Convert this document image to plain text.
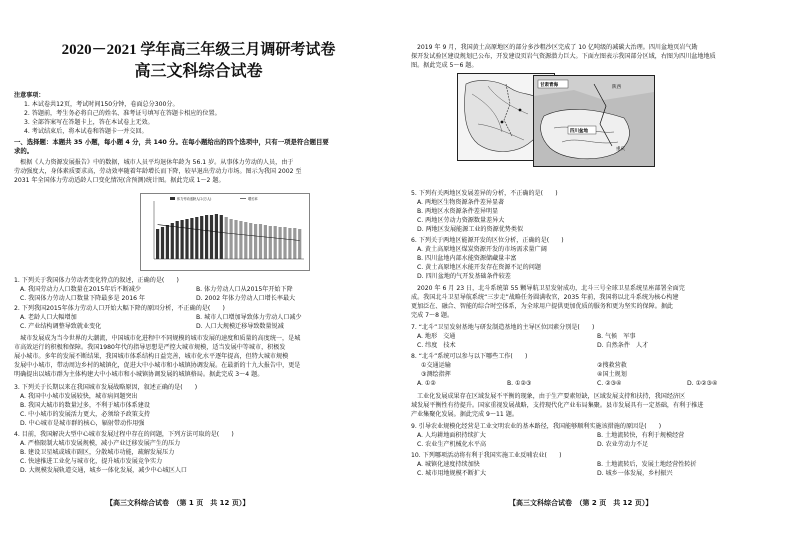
2020－2021 学年高三年级三月调研考试卷
高三文科综合试卷
注意事项：
1. 本试卷共12页，考试时间150分钟，卷面总分300分。
2. 答题前，考生务必将自己的姓名、准考证号填写在答题卡相应的位置。
3. 全部答案写在答题卡上，答在本试卷上无效。
4. 考试结束后，将本试卷和答题卡一并交回。
一、选择题：本题共 35 小题，每小题 4 分，共 140 分。在每小题给出的四个选项中，只有一项是符合题目要
求的。
根据《人力资源发展报告》中的数据，城市人员平均退休年龄为 56.1 岁。从事体力劳动的人员，由于
劳动强度大，身体素质要求高，劳动效率随着年龄增长而下降，较早退出劳动力市场。图示为我国 2002 至
2031 年全国体力劳动适龄人口变化情况(含预测)统计图。据此完成 1～2 题。
体力劳动适龄人口(万人)	增长率
1. 下列关于我国体力劳动者变化特点的叙述，正确的是(　　)
A. 我国劳动力人口数量在2015年后不断减少	B. 体力劳动人口从2015年开始下降
C. 我国体力劳动人口数量下降最多是 2016 年	D. 2002 年体力劳动人口增长率最大
2. 下列我国2015年体力劳动人口开始大幅下降的原因分析，不正确的是(　　)
A. 老龄人口大幅增加	B. 城市人口增加导致体力劳动人口减少
C. 产业结构调整导致就业变化	D. 人口大规模迁移导致数量锐减
城市发展成为当今世界的大潮流，中国城市化进程中不同规模的城市发展的速度和质量的高度统一，是城
市高效运行的积极和保障。我国1980年代的指导思想是严控大城市规模，适当发展中等城市，积极发
展小城市。多年的发展不断结果，我国城市体系结构日益完善，城市化水平逐年提高，但特大城市规模
发展中小城市，带动周边乡村的城镇化，促进大中小城市和小城镇协调发展。在最新的十九大报告中，更是
明确提出以城市群为主体构建大中小城市和小城镇协调发展的城镇格局。据此完成 3～4 题。
3. 下列关于长期以来在我国城市发展战略原因，叙述正确的是(　　)
A. 我国中小城市发展较快，城市病问题突出
B. 我国大城市的数量过多，不利于城市体系建设
C. 中小城市的发展活力更大，必须给予政策支持
D. 中心城市是城市群的核心，辐射带动作用强
4. 目前，我国解决大型中心城市发展过程中存在的问题，下列方法可取的是(　　)
A. 严格限制大城市发展规模，减小产业迁移发展产生的压力
B. 建设卫星城或城市副区，分散城市功能，疏解发展压力
C. 快速推进工业化与城市化，提升城市发展竞争实力
D. 大规模发展轨道交通，城乡一体化发展，减少中心城区人口
【高三文科综合试卷　（第 1 页　共 12 页）】
2019 年 9 月，我国黄土高原地区的部分多沙粗沙区完成了 10 亿吨级的减碳大治理。四川盆地页岩气勘
探开发试验区建设规划已公布，开发建设页岩气资源潜力巨大。下面左图表示我国部分区域，右图为四川盆地地质
图。据此完成 5～6 题。
甘肃青海	陕西
四川盆地
重庆
5. 下列有关两地区发展差异的分析，不正确的是(　　)
A. 两地区生物资源条件差异显著
B. 两地区水资源条件差异明显
C. 两地区劳动力资源数量差异大
D. 两地区发展能源工业的资源优势类似
6. 下列关于两地区能源开发的区位分析，正确的是(　　)
A. 黄土高原地区煤炭资源开发的市场需求量广阔
B. 四川盆地内部水能资源储藏量丰富
C. 黄土高原地区水能开发存在资源不足的问题
D. 四川盆地的气开发基础条件较差
2020 年 6 月 23 日，北斗系统第 55 颗导航卫星发射成功，北斗三号全球卫星系统星座部署全面完
成。我国北斗卫星导航系统“三步走”战略任务圆满收官，2035 年前，我国将以北斗系统为核心构建
更加泛在、融合、智能的综合时空体系，为全球用户提供更加优质的服务和更为坚实的保障。据此
完成 7～8 题。
7. “北斗”卫星发射基地与研发制造基地的主导区位因素分别是(　　)
A. 地形　交通	B. 气候　军事
C. 纬度　技术	D. 自然条件　人才
8. “北斗”系统可以参与以下哪些工作(　　)
①交通运输	②搜救营救
③测绘指挥	④国土规划
A. ①②	B. ①②③	C. ②③④	D. ①②③④
工业化发展成果存在区域发展不平衡的现象，由于生产要素短缺，区域发展支持和扶持，我国经济区
域发展平衡性有待提升。国家重视发展战略，支持现代化产业布局集聚。县市发展具有一定基础，有利于推进
产业集聚化发展。据此完成 9～11 题。
9. 引导农业规模化经营是工业文明农业的基本路径，我国能够顺利实施该措施的原因是(　　)
A. 人均耕地面积持续扩大	B. 土地流转快，有利于规模经营
C. 农业生产机械化水平高	D. 农业劳动力不足
10. 下列哪项活动将有利于我国实施工业反哺农业(　　)
A. 城镇化速度持续加快	B. 土地流转后，发展土地经营性转折
C. 城市用地规模不断扩大	D. 城乡一体发展，乡村振兴
【高三文科综合试卷　（第 2 页　共 12 页）】
